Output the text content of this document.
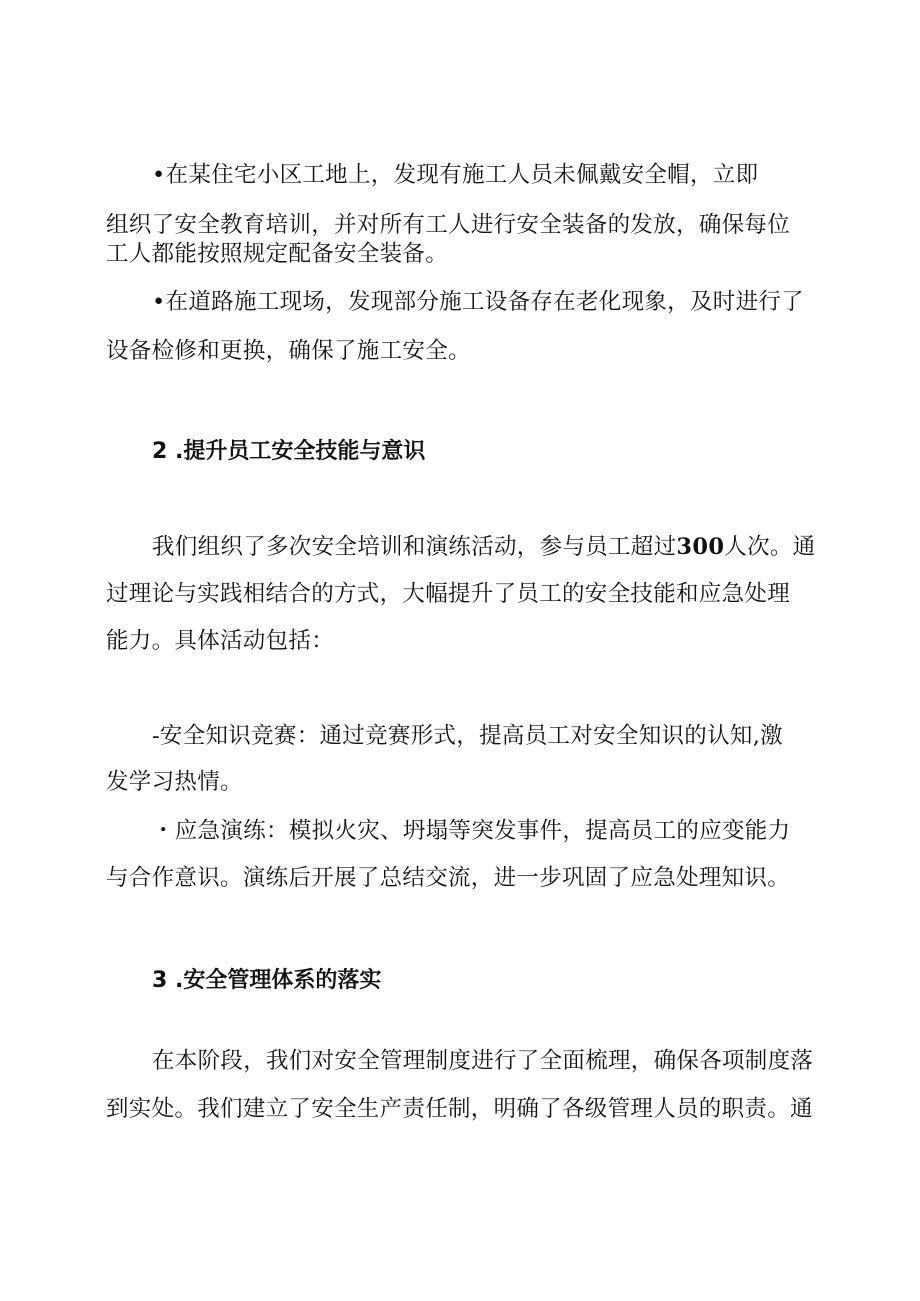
•在某住宅小区工地上，发现有施工人员未佩戴安全帽，立即
组织了安全教育培训，并对所有工人进行安全装备的发放，确保每位
工人都能按照规定配备安全装备。
•在道路施工现场，发现部分施工设备存在老化现象，及时进行了
设备检修和更换，确保了施工安全。
2 .提升员工安全技能与意识
我们组织了多次安全培训和演练活动，参与员工超过300人次。通
过理论与实践相结合的方式，大幅提升了员工的安全技能和应急处理
能力。具体活动包括：
-安全知识竞赛：通过竞赛形式，提高员工对安全知识的认知,激
发学习热情。
・应急演练：模拟火灾、坍塌等突发事件，提高员工的应变能力
与合作意识。演练后开展了总结交流，进一步巩固了应急处理知识。
3 .安全管理体系的落实
在本阶段，我们对安全管理制度进行了全面梳理，确保各项制度落
到实处。我们建立了安全生产责任制，明确了各级管理人员的职责。通
